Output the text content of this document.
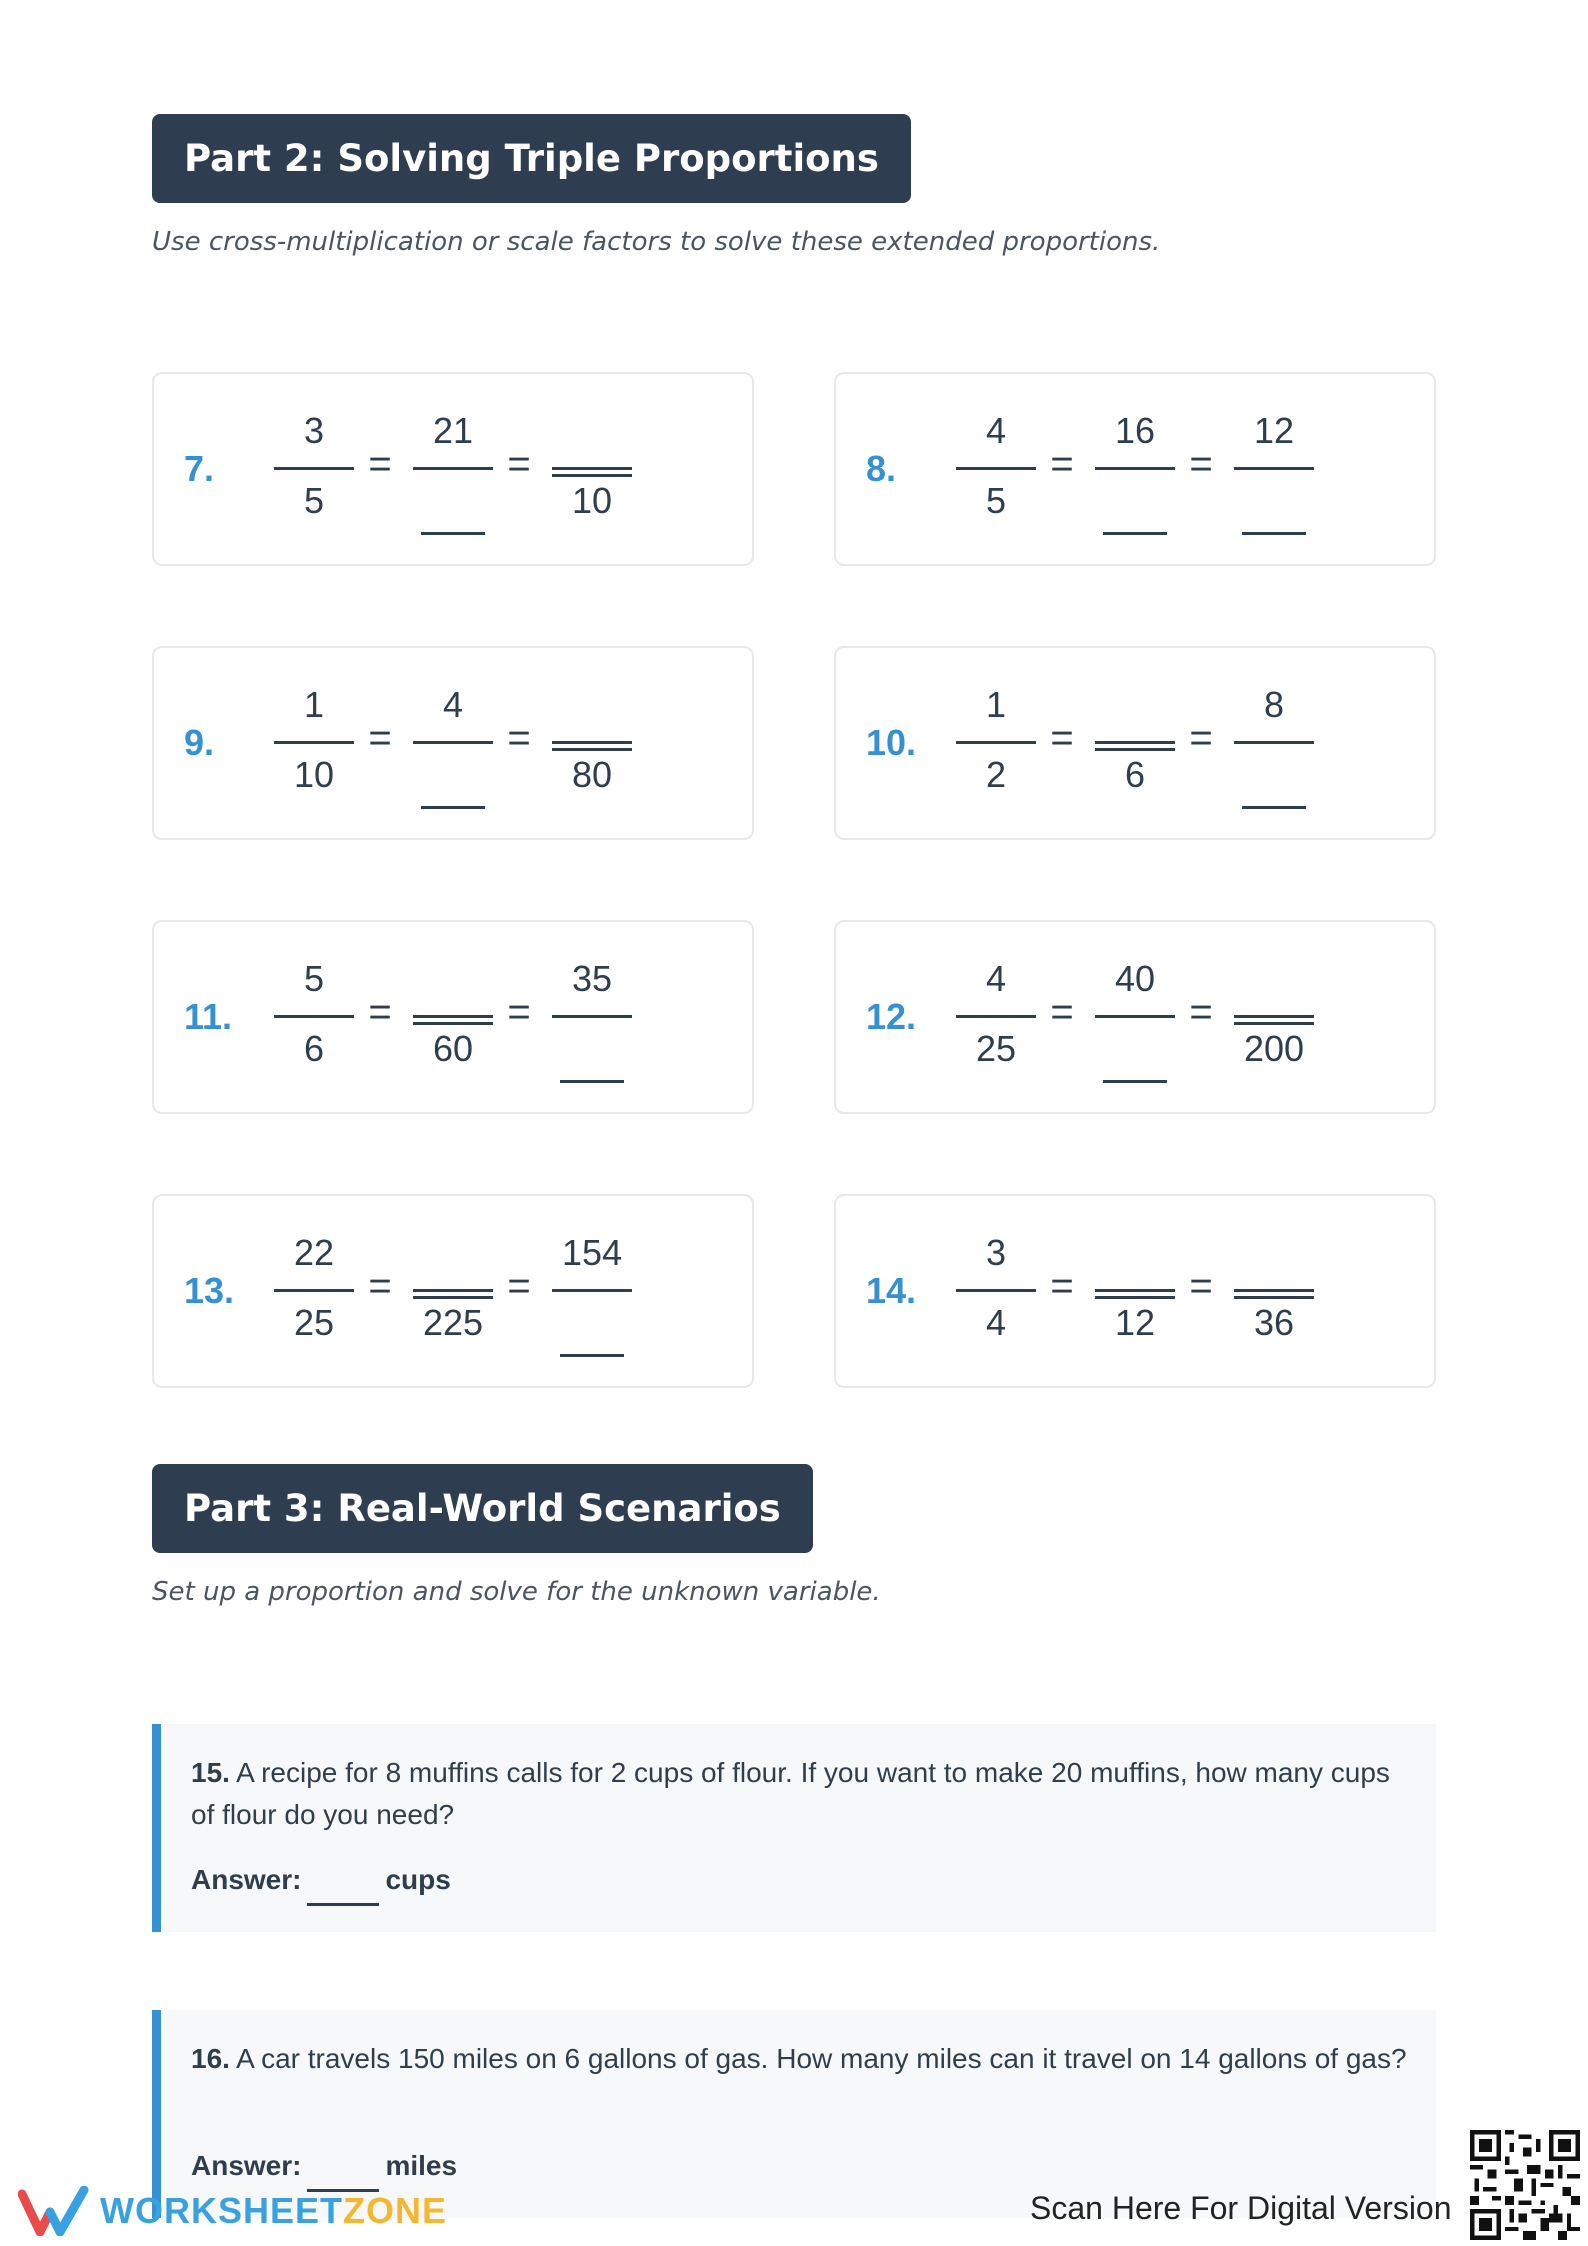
Part 2: Solving Triple Proportions
Use cross-multiplication or scale factors to solve these extended proportions.
7.
3
5
21
10
=	=	8.
4
5
16	12
=	=
9.
1
10
4
80
=	=	10.
1
2	6
8
=	=
11.
5
6	60
35
=	=	12.
4
25
40
200
=	=
13.
22
25	225
154
=	=	14.
3
4	12	36
=	=
Part 3: Real-World Scenarios
Set up a proportion and solve for the unknown variable.
15. A recipe for 8 muffins calls for 2 cups of flour. If you want to make 20 muffins, how many cups of flour do you need?
Answer:	cups
16. A car travels 150 miles on 6 gallons of gas. How many miles can it travel on 14 gallons of gas?
Answer:	miles
WORKSHEETZONE	Scan Here For Digital Version
